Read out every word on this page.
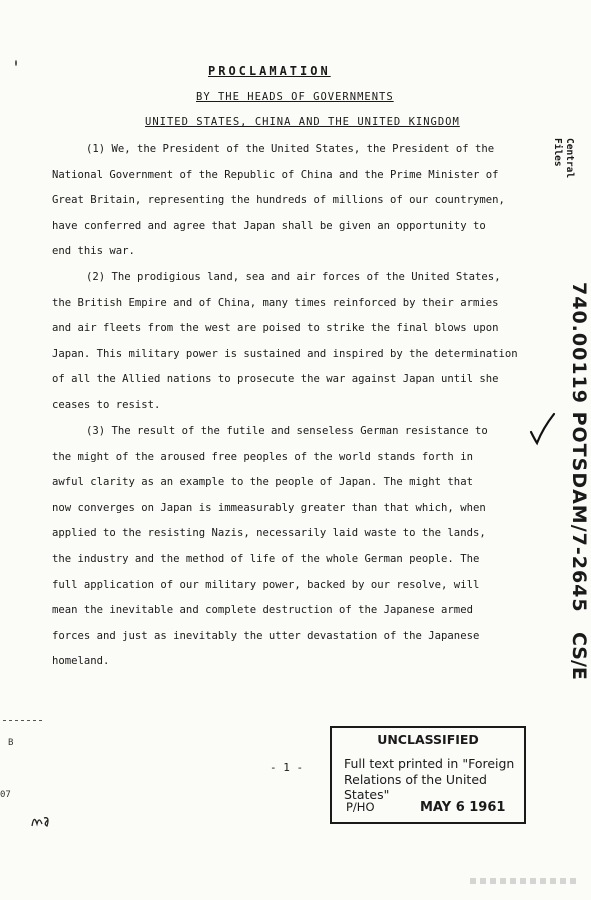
PROCLAMATION
BY THE HEADS OF GOVERNMENTS
UNITED STATES, CHINA AND THE UNITED KINGDOM
(1) We, the President of the United States, the President of the
National Government of the Republic of China and the Prime Minister of
Great Britain, representing the hundreds of millions of our countrymen,
have conferred and agree that Japan shall be given an opportunity to
end this war.
(2) The prodigious land, sea and air forces of the United States,
the British Empire and of China, many times reinforced by their armies
and air fleets from the west are poised to strike the final blows upon
Japan. This military power is sustained and inspired by the determination
of all the Allied nations to prosecute the war against Japan until she
ceases to resist.
(3) The result of the futile and senseless German resistance to
the might of the aroused free peoples of the world stands forth in
awful clarity as an example to the people of Japan. The might that
now converges on Japan is immeasurably greater than that which, when
applied to the resisting Nazis, necessarily laid waste to the lands,
the industry and the method of life of the whole German people. The
full application of our military power, backed by our resolve, will
mean the inevitable and complete destruction of the Japanese armed
forces and just as inevitably the utter devastation of the Japanese
homeland.
Central
Files
740.00119 POTSDAM/7-2645
CS/E
- 1 -
UNCLASSIFIED
Full text printed in "Foreign
Relations of the United States"
P/HO	MAY 6 1961
B
07
